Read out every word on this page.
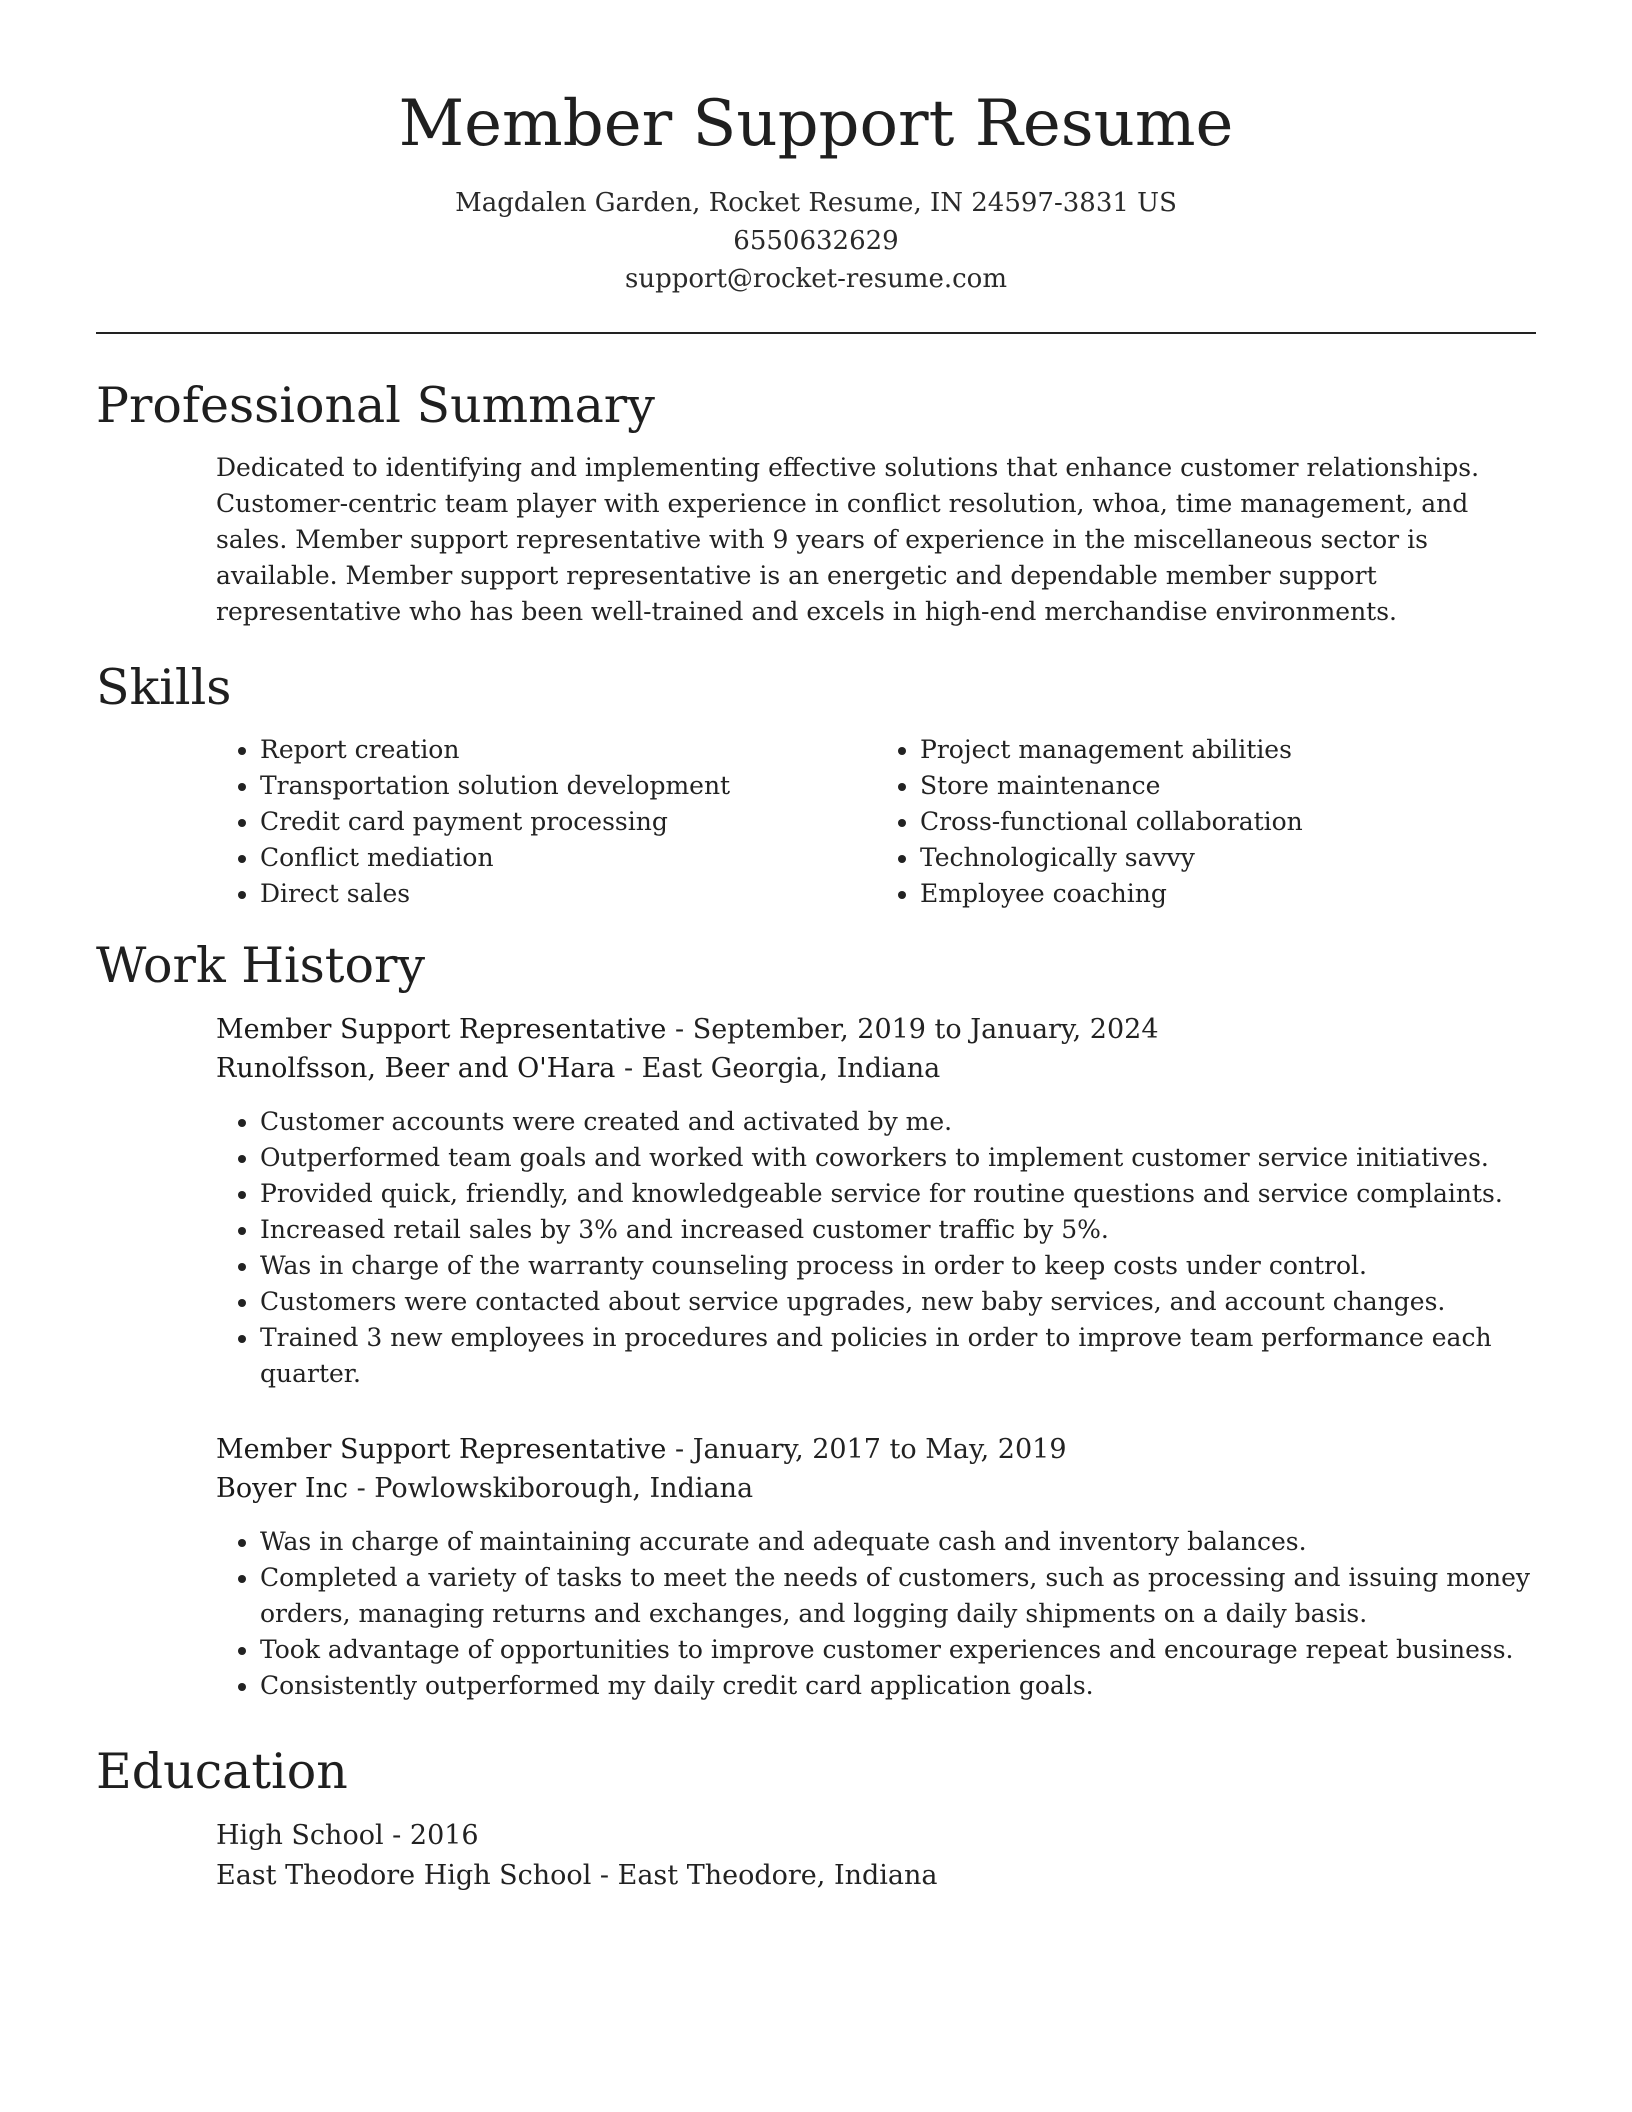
Member Support Resume
Magdalen Garden, Rocket Resume, IN 24597-3831 US
6550632629
support@rocket-resume.com
Professional Summary

Dedicated to identifying and implementing effective solutions that enhance customer relationships. Customer-centric team player with experience in conflict resolution, whoa, time management, and sales. Member support representative with 9 years of experience in the miscellaneous sector is available. Member support representative is an energetic and dependable member support representative who has been well-trained and excels in high-end merchandise environments.

Skills
• Report creation
• Transportation solution development
• Credit card payment processing
• Conflict mediation
• Direct sales
• Project management abilities
• Store maintenance
• Cross-functional collaboration
• Technologically savvy
• Employee coaching
Work History
Member Support Representative - September, 2019 to January, 2024
Runolfsson, Beer and O'Hara - East Georgia, Indiana
• Customer accounts were created and activated by me.
• Outperformed team goals and worked with coworkers to implement customer service initiatives.
• Provided quick, friendly, and knowledgeable service for routine questions and service complaints.
• Increased retail sales by 3% and increased customer traffic by 5%.
• Was in charge of the warranty counseling process in order to keep costs under control.
• Customers were contacted about service upgrades, new baby services, and account changes.
• Trained 3 new employees in procedures and policies in order to improve team performance each quarter.
Member Support Representative - January, 2017 to May, 2019
Boyer Inc - Powlowskiborough, Indiana
• Was in charge of maintaining accurate and adequate cash and inventory balances.
• Completed a variety of tasks to meet the needs of customers, such as processing and issuing money orders, managing returns and exchanges, and logging daily shipments on a daily basis.
• Took advantage of opportunities to improve customer experiences and encourage repeat business.
• Consistently outperformed my daily credit card application goals.
Education
High School - 2016
East Theodore High School - East Theodore, Indiana
